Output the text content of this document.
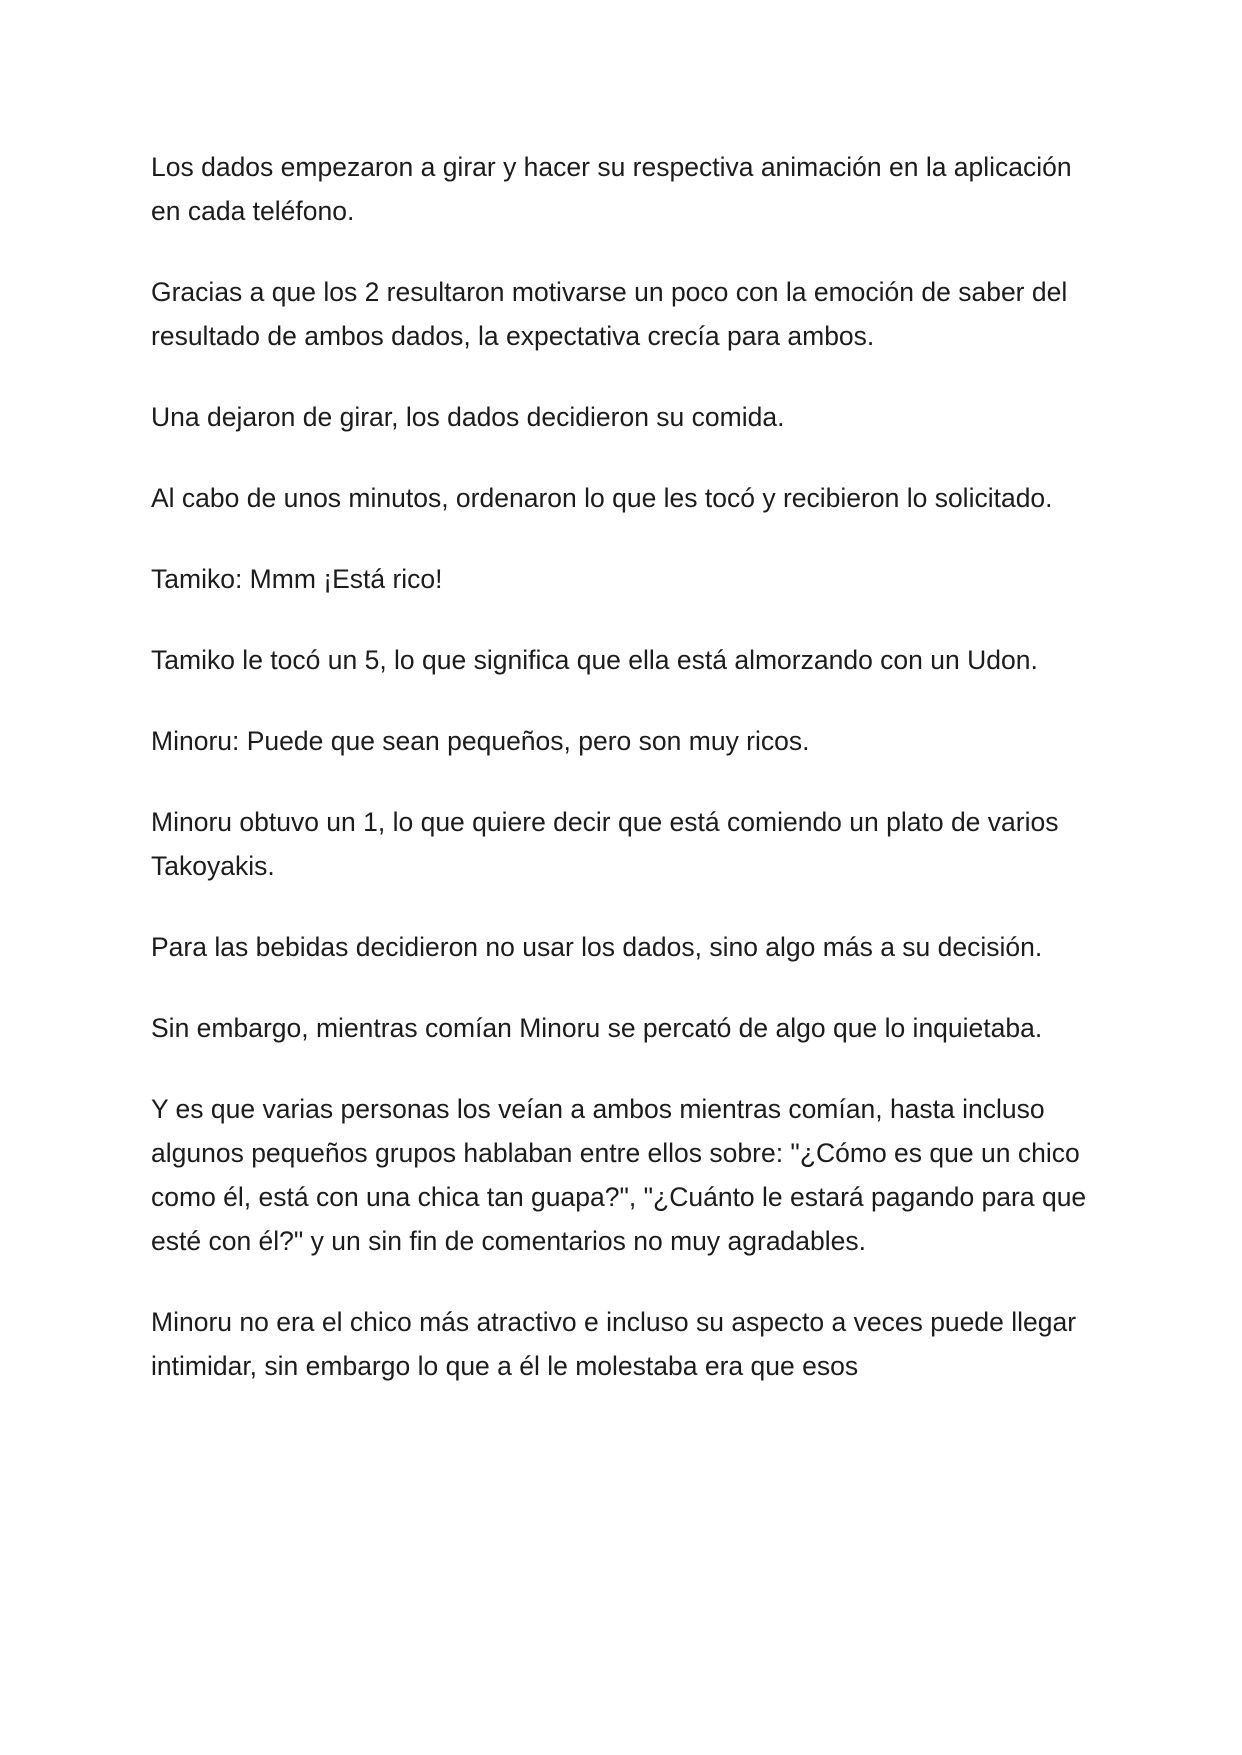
Los dados empezaron a girar y hacer su respectiva animación en la aplicación en cada teléfono.

Gracias a que los 2 resultaron motivarse un poco con la emoción de saber del resultado de ambos dados, la expectativa crecía para ambos.

Una dejaron de girar, los dados decidieron su comida.

Al cabo de unos minutos, ordenaron lo que les tocó y recibieron lo solicitado.

Tamiko: Mmm ¡Está rico!

Tamiko le tocó un 5, lo que significa que ella está almorzando con un Udon.

Minoru: Puede que sean pequeños, pero son muy ricos.

Minoru obtuvo un 1, lo que quiere decir que está comiendo un plato de varios Takoyakis.

Para las bebidas decidieron no usar los dados, sino algo más a su decisión.

Sin embargo, mientras comían Minoru se percató de algo que lo inquietaba.

Y es que varias personas los veían a ambos mientras comían, hasta incluso algunos pequeños grupos hablaban entre ellos sobre: "¿Cómo es que un chico como él, está con una chica tan guapa?", "¿Cuánto le estará pagando para que esté con él?" y un sin fin de comentarios no muy agradables.

Minoru no era el chico más atractivo e incluso su aspecto a veces puede llegar intimidar, sin embargo lo que a él le molestaba era que esos
